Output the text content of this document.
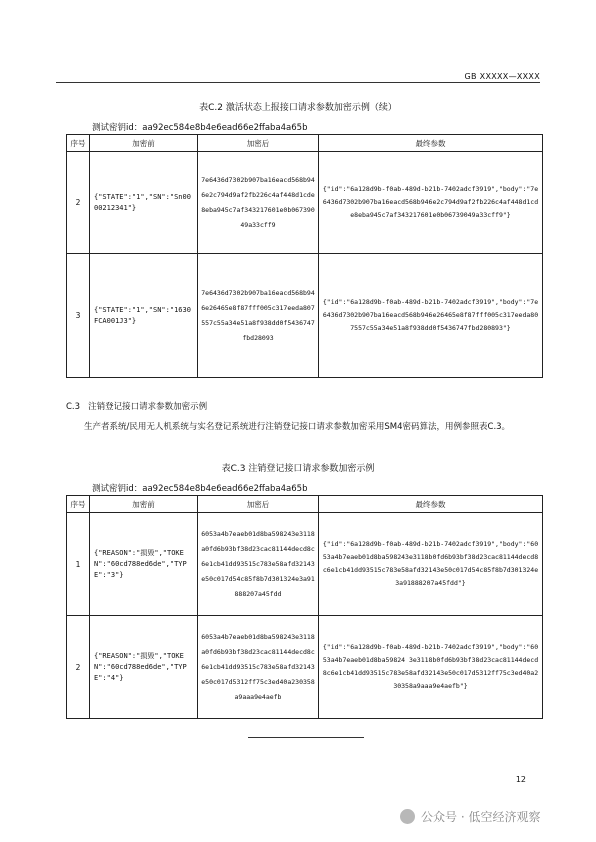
GB XXXXX—XXXX
表C.2 激活状态上报接口请求参数加密示例（续）
测试密钥id：aa92ec584e8b4e6ead66e2ffaba4a65b
序号	加密前	加密后	最终参数
2	{"STATE":"1","SN":"Sn0000212341"}	7e6436d7302b907ba16eacd568b946e2c794d9af2fb226c4af448d1cde8eba945c7af343217601e0b06739049a33cff9	{"id":"6a128d9b-f0ab-489d-b21b-7402adcf3919","body":"7e6436d7302b907ba16eacd568b946e2c794d9af2fb226c4af448d1cde8eba945c7af343217601e0b06739049a33cff9"}
3	{"STATE":"1","SN":"1630FCA001J3"}	7e6436d7302b907ba16eacd568b946e26465e8f87fff005c317eeda807557c55a34e51a8f938dd0f5436747fbd28093	{"id":"6a128d9b-f0ab-489d-b21b-7402adcf3919","body":"7e6436d7302b907ba16eacd568b946e26465e8f87fff005c317eeda807557c55a34e51a8f938dd0f5436747fbd280893"}
C.3 注销登记接口请求参数加密示例
生产者系统/民用无人机系统与实名登记系统进行注销登记接口请求参数加密采用SM4密码算法，用例参照表C.3。
表C.3 注销登记接口请求参数加密示例
测试密钥id：aa92ec584e8b4e6ead66e2ffaba4a65b
序号	加密前	加密后	最终参数
1	{"REASON":"损毁","TOKEN":"60cd788ed6de","TYPE":"3"}	6053a4b7eaeb01d8ba598243e3118a0fd6b93bf38d23cac81144decd8c6e1cb41dd93515c783e58afd32143e50c017d54c85f8b7d301324e3a91888207a45fdd	{"id":"6a128d9b-f0ab-489d-b21b-7402adcf3919","body":"6053a4b7eaeb01d8ba598243e3118b0fd6b93bf38d23cac81144decd8c6e1cb41dd93515c783e58afd32143e50c017d54c85f8b7d301324e3a91888207a45fdd"}
2	{"REASON":"损毁","TOKEN":"60cd788ed6de","TYPE":"4"}	6053a4b7eaeb01d8ba598243e3118a0fd6b93bf38d23cac81144decd8c6e1cb41dd93515c783e58afd32143e50c017d5312ff75c3ed40a230358a9aaa9e4aefb	{"id":"6a128d9b-f0ab-489d-b21b-7402adcf3919","body":"6053a4b7eaeb01d8ba59824 3e3118b0fd6b93bf38d23cac81144decd8c6e1cb41dd93515c783e58afd32143e50c017d5312ff75c3ed40a230358a9aaa9e4aefb"}
12
公众号 · 低空经济观察
